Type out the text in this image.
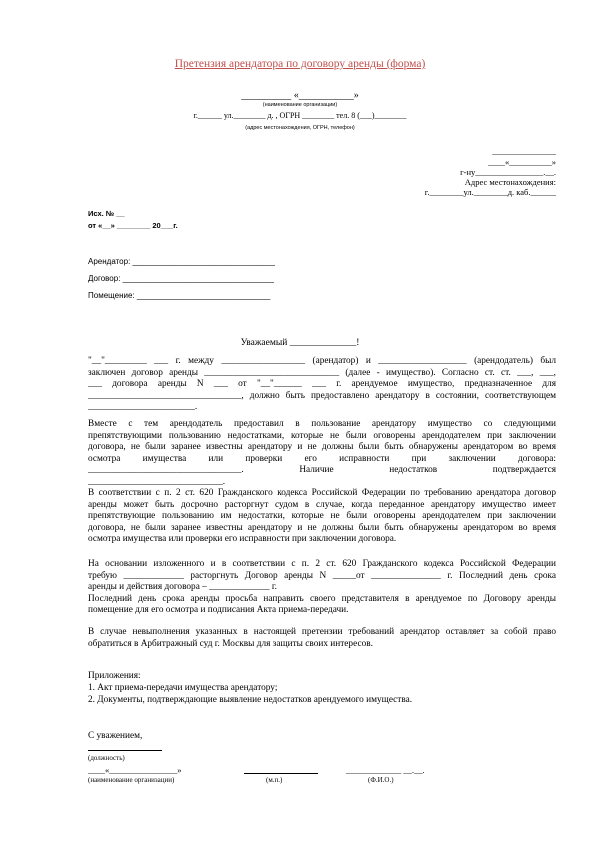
Претензия арендатора по договору аренды (форма)
__________ «___________»
(наименование организации)
г.______ ул.________ д. , ОГРН ________ тел. 8 (___)________
(адрес местонахождения, ОГРН, телефон)
_______________
____«__________»
г-ну________________.__.
Адрес местонахождения:
г.________ул.________д. каб.______
Исх. № __
от «__» ________ 20___г.
Арендатор: ________________________________
Договор: __________________________________
Помещение: ______________________________
Уважаемый ______________!
"__"_________ ___ г. между __________________ (арендатор) и ___________________ (арендодатель) был
заключен договор аренды _____________________________ (далее - имущество). Согласно ст. ст. ___, ___,
___ договора аренды N ___ от "__"______ ___ г. арендуемое имущество, предназначенное для
_________________________________, должно быть предоставлено арендатору в состоянии, соответствующем
_______________________.
Вместе с тем арендодатель предоставил в пользование арендатору имущество со следующими
препятствующими пользованию недостатками, которые не были оговорены арендодателем при заключении
договора, не были заранее известны арендатору и не должны были быть обнаружены арендатором во время
осмотра имущества или проверки его исправности при заключении договора:
_________________________________. Наличие недостатков подтверждается
_____________________________.
В соответствии с п. 2 ст. 620 Гражданского кодекса Российской Федерации по требованию арендатора договор
аренды может быть досрочно расторгнут судом в случае, когда переданное арендатору имущество имеет
препятствующие пользованию им недостатки, которые не были оговорены арендодателем при заключении
договора, не были заранее известны арендатору и не должны были быть обнаружены арендатором во время
осмотра имущества или проверки его исправности при заключении договора.
На основании изложенного и в соответствии с п. 2 ст. 620 Гражданского кодекса Российской Федерации
требую _____________ расторгнуть Договор аренды N _____от _______________ г. Последний день срока
аренды и действия договора – _____________ г.
Последний день срока аренды просьба направить своего представителя в арендуемое по Договору аренды
помещение для его осмотра и подписания Акта приема-передачи.
В случае невыполнения указанных в настоящей претензии требований арендатор оставляет за собой право
обратиться в Арбитражный суд г. Москвы для защиты своих интересов.
Приложения:
1. Акт приема-передачи имущества арендатору;
2. Документы, подтверждающие выявление недостатков арендуемого имущества.
С уважением,
(должность)
____«________________»
(наименование организации)	(м.п.)
_____________ __.__.
(Ф.И.О.)
